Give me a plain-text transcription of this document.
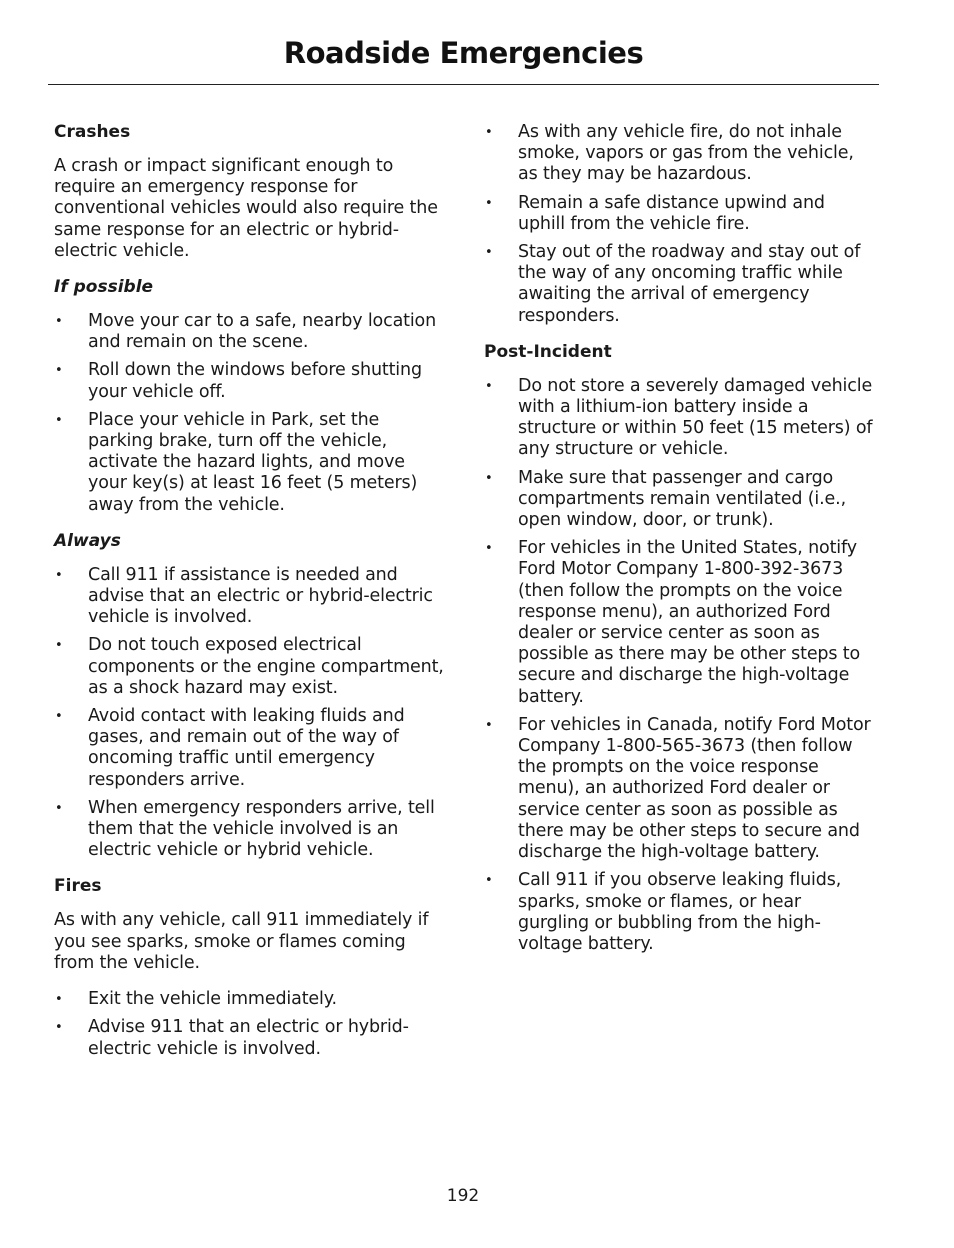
Roadside Emergencies
Crashes
A crash or impact significant enough to require an emergency response for conventional vehicles would also require the same response for an electric or hybrid-electric vehicle.
If possible
• Move your car to a safe, nearby location and remain on the scene.
• Roll down the windows before shutting your vehicle off.
• Place your vehicle in Park, set the parking brake, turn off the vehicle, activate the hazard lights, and move your key(s) at least 16 feet (5 meters) away from the vehicle.
Always
• Call 911 if assistance is needed and advise that an electric or hybrid-electric vehicle is involved.
• Do not touch exposed electrical components or the engine compartment, as a shock hazard may exist.
• Avoid contact with leaking fluids and gases, and remain out of the way of oncoming traffic until emergency responders arrive.
• When emergency responders arrive, tell them that the vehicle involved is an electric vehicle or hybrid vehicle.
Fires
As with any vehicle, call 911 immediately if you see sparks, smoke or flames coming from the vehicle.
• Exit the vehicle immediately.
• Advise 911 that an electric or hybrid-electric vehicle is involved.
• As with any vehicle fire, do not inhale smoke, vapors or gas from the vehicle, as they may be hazardous.
• Remain a safe distance upwind and uphill from the vehicle fire.
• Stay out of the roadway and stay out of the way of any oncoming traffic while awaiting the arrival of emergency responders.
Post-Incident
• Do not store a severely damaged vehicle with a lithium-ion battery inside a structure or within 50 feet (15 meters) of any structure or vehicle.
• Make sure that passenger and cargo compartments remain ventilated (i.e., open window, door, or trunk).
• For vehicles in the United States, notify Ford Motor Company 1-800-392-3673 (then follow the prompts on the voice response menu), an authorized Ford dealer or service center as soon as possible as there may be other steps to secure and discharge the high-voltage battery.
• For vehicles in Canada, notify Ford Motor Company 1-800-565-3673 (then follow the prompts on the voice response menu), an authorized Ford dealer or service center as soon as possible as there may be other steps to secure and discharge the high-voltage battery.
• Call 911 if you observe leaking fluids, sparks, smoke or flames, or hear gurgling or bubbling from the high-voltage battery.
192
